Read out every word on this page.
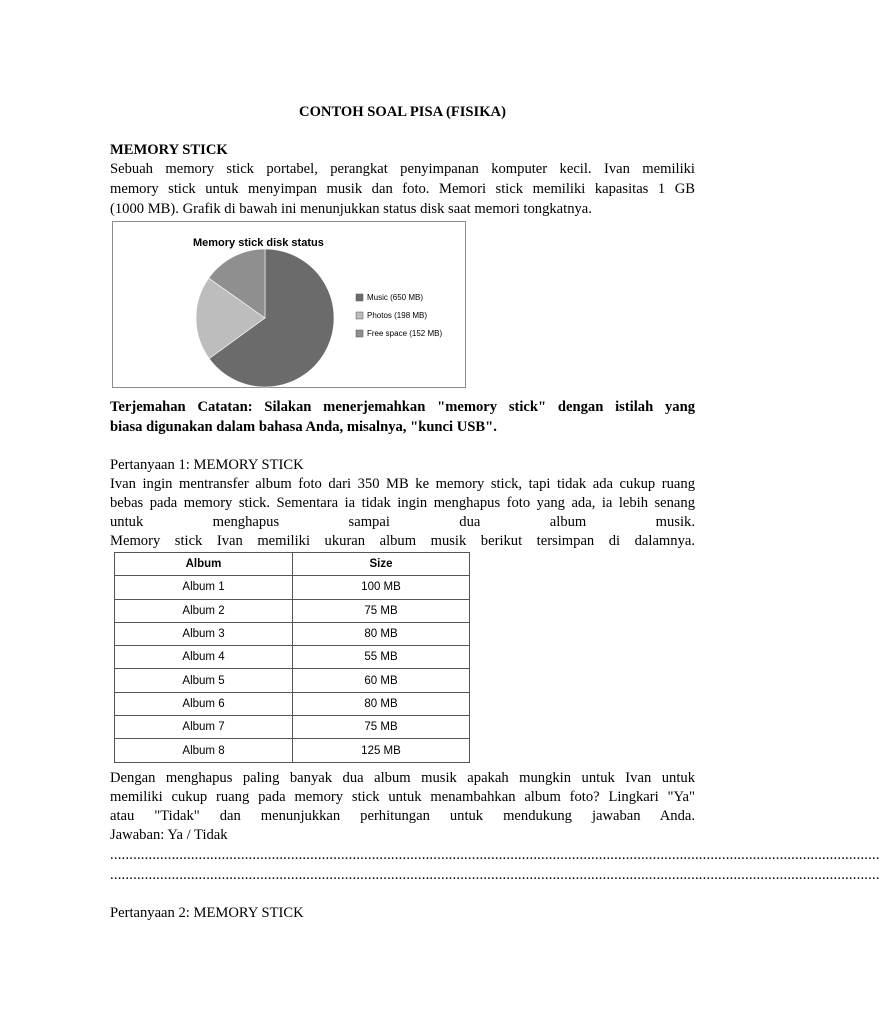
CONTOH SOAL PISA (FISIKA)
MEMORY STICK
Sebuah memory stick portabel, perangkat penyimpanan komputer kecil. Ivan memiliki
memory stick untuk menyimpan musik dan foto. Memori stick memiliki kapasitas 1 GB
(1000 MB). Grafik di bawah ini menunjukkan status disk saat memori tongkatnya.
Memory stick disk status
Music (650 MB)
Photos (198 MB)
Free space (152 MB)
Terjemahan Catatan: Silakan menerjemahkan "memory stick" dengan istilah yang
biasa digunakan dalam bahasa Anda, misalnya, "kunci USB".
Pertanyaan 1: MEMORY STICK
Ivan ingin mentransfer album foto dari 350 MB ke memory stick, tapi tidak ada cukup ruang
bebas pada memory stick. Sementara ia tidak ingin menghapus foto yang ada, ia lebih senang
untuk	menghapus	sampai	dua	album	musik.
Memory stick Ivan memiliki ukuran album musik berikut tersimpan di dalamnya.
Album	Size
Album 1	100 MB
Album 2	75 MB
Album 3	80 MB
Album 4	55 MB
Album 5	60 MB
Album 6	80 MB
Album 7	75 MB
Album 8	125 MB
Dengan menghapus paling banyak dua album musik apakah mungkin untuk Ivan untuk
memiliki cukup ruang pada memory stick untuk menambahkan album foto? Lingkari "Ya"
atau "Tidak" dan menunjukkan perhitungan untuk mendukung jawaban Anda.
Jawaban: Ya / Tidak
........................................................................................................................................................................................................
........................................................................................................................................................................................................
Pertanyaan 2: MEMORY STICK
